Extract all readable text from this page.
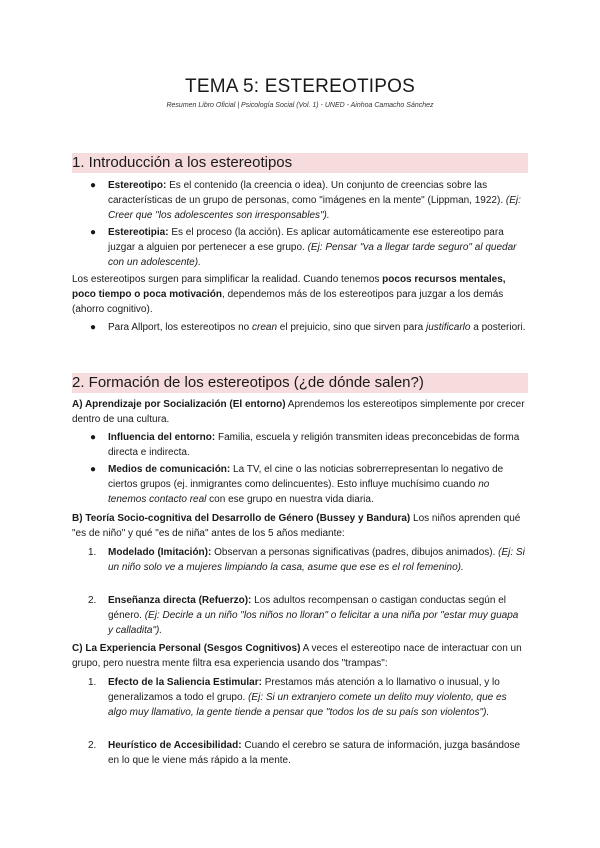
TEMA 5: ESTEREOTIPOS
Resumen Libro Oficial | Psicología Social (Vol. 1) - UNED - Ainhoa Camacho Sánchez
1. Introducción a los estereotipos
● Estereotipo: Es el contenido (la creencia o idea). Un conjunto de creencias sobre las características de un grupo de personas, como "imágenes en la mente" (Lippman, 1922). (Ej: Creer que "los adolescentes son irresponsables").
● Estereotipia: Es el proceso (la acción). Es aplicar automáticamente ese estereotipo para juzgar a alguien por pertenecer a ese grupo. (Ej: Pensar "va a llegar tarde seguro" al quedar con un adolescente).
Los estereotipos surgen para simplificar la realidad. Cuando tenemos pocos recursos mentales, poco tiempo o poca motivación, dependemos más de los estereotipos para juzgar a los demás (ahorro cognitivo).
● Para Allport, los estereotipos no crean el prejuicio, sino que sirven para justificarlo a posteriori.
2. Formación de los estereotipos (¿de dónde salen?)
A) Aprendizaje por Socialización (El entorno) Aprendemos los estereotipos simplemente por crecer dentro de una cultura.
● Influencia del entorno: Familia, escuela y religión transmiten ideas preconcebidas de forma directa e indirecta.
● Medios de comunicación: La TV, el cine o las noticias sobrerrepresentan lo negativo de ciertos grupos (ej. inmigrantes como delincuentes). Esto influye muchísimo cuando no tenemos contacto real con ese grupo en nuestra vida diaria.
B) Teoría Socio-cognitiva del Desarrollo de Género (Bussey y Bandura) Los niños aprenden qué "es de niño" y qué "es de niña" antes de los 5 años mediante:
1. Modelado (Imitación): Observan a personas significativas (padres, dibujos animados). (Ej: Si un niño solo ve a mujeres limpiando la casa, asume que ese es el rol femenino).
2. Enseñanza directa (Refuerzo): Los adultos recompensan o castigan conductas según el género. (Ej: Decirle a un niño "los niños no lloran" o felicitar a una niña por "estar muy guapa y calladita").
C) La Experiencia Personal (Sesgos Cognitivos) A veces el estereotipo nace de interactuar con un grupo, pero nuestra mente filtra esa experiencia usando dos "trampas":
1. Efecto de la Saliencia Estimular: Prestamos más atención a lo llamativo o inusual, y lo generalizamos a todo el grupo. (Ej: Si un extranjero comete un delito muy violento, que es algo muy llamativo, la gente tiende a pensar que "todos los de su país son violentos").
2. Heurístico de Accesibilidad: Cuando el cerebro se satura de información, juzga basándose en lo que le viene más rápido a la mente.
